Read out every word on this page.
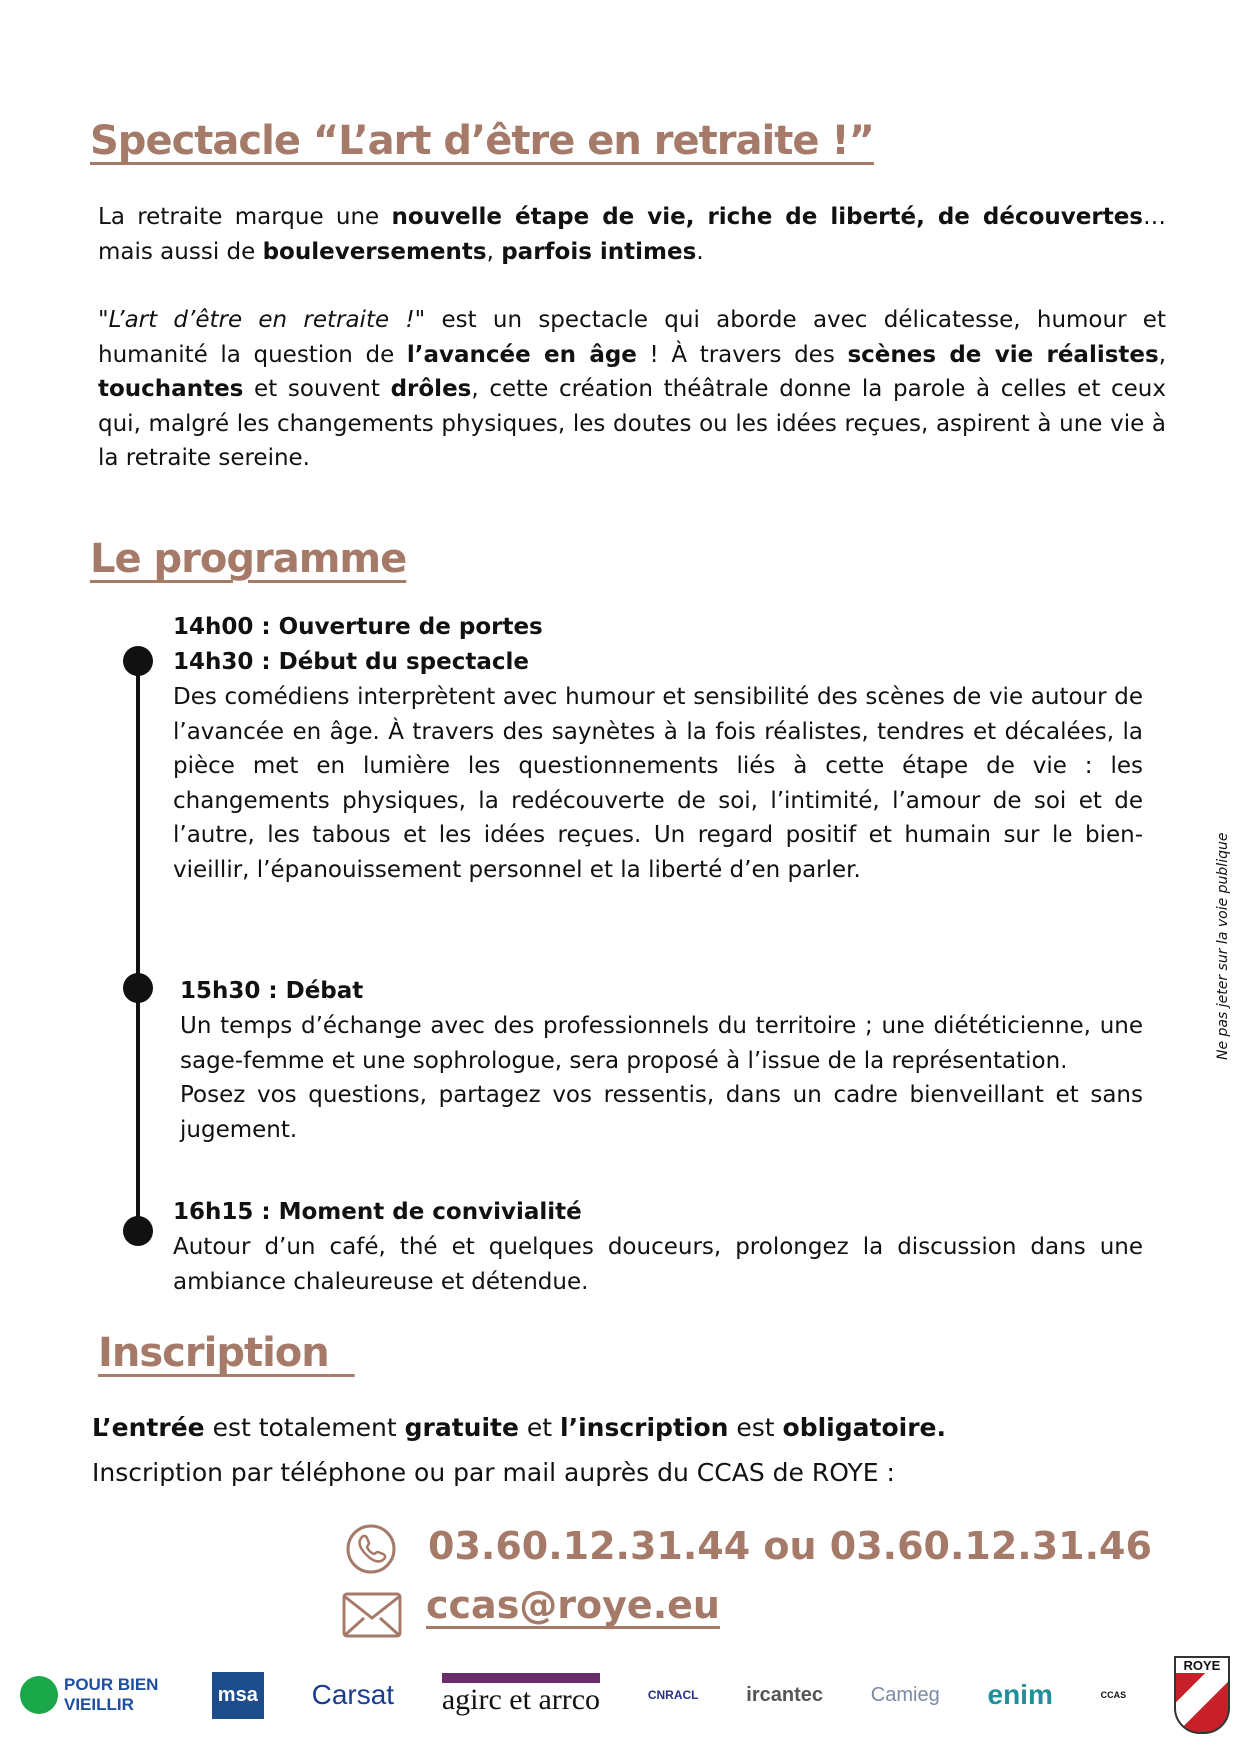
Spectacle “L’art d’être en retraite !”
La retraite marque une nouvelle étape de vie, riche de liberté, de découvertes… mais aussi de bouleversements, parfois intimes.
"L’art d’être en retraite !" est un spectacle qui aborde avec délicatesse, humour et humanité la question de l’avancée en âge ! À travers des scènes de vie réalistes, touchantes et souvent drôles, cette création théâtrale donne la parole à celles et ceux qui, malgré les changements physiques, les doutes ou les idées reçues, aspirent à une vie à la retraite sereine.
Le programme
14h00 : Ouverture de portes
14h30 : Début du spectacle
Des comédiens interprètent avec humour et sensibilité des scènes de vie autour de l’avancée en âge. À travers des saynètes à la fois réalistes, tendres et décalées, la pièce met en lumière les questionnements liés à cette étape de vie : les changements physiques, la redécouverte de soi, l’intimité, l’amour de soi et de l’autre, les tabous et les idées reçues. Un regard positif et humain sur le bien- vieillir, l’épanouissement personnel et la liberté d’en parler.
15h30 : Débat
Un temps d’échange avec des professionnels du territoire ; une diététicienne, une sage-femme et une sophrologue, sera proposé à l’issue de la représentation.
Posez vos questions, partagez vos ressentis, dans un cadre bienveillant et sans jugement.
16h15 : Moment de convivialité
Autour d’un café, thé et quelques douceurs, prolongez la discussion dans une ambiance chaleureuse et détendue.
Inscription
L’entrée est totalement gratuite et l’inscription est obligatoire.
Inscription par téléphone ou par mail auprès du CCAS de ROYE :
03.60.12.31.44 ou 03.60.12.31.46
ccas@roye.eu
Ne pas jeter sur la voie publique
POUR BIEN VIEILLIR	msa Carsat agirc et arrco	CNRACL ircantec Camieg enim	CCAS
ROYE
